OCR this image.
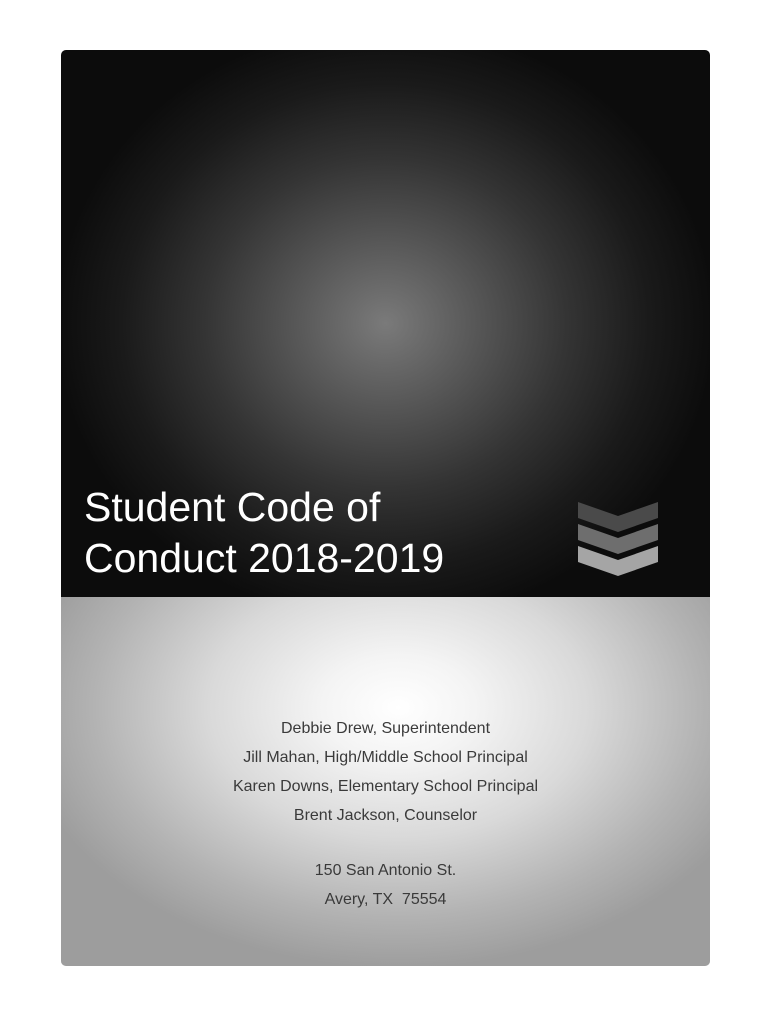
Student Code of
Conduct 2018-2019
Debbie Drew, Superintendent
Jill Mahan, High/Middle School Principal
Karen Downs, Elementary School Principal
Brent Jackson, Counselor
150 San Antonio St.
Avery, TX  75554
